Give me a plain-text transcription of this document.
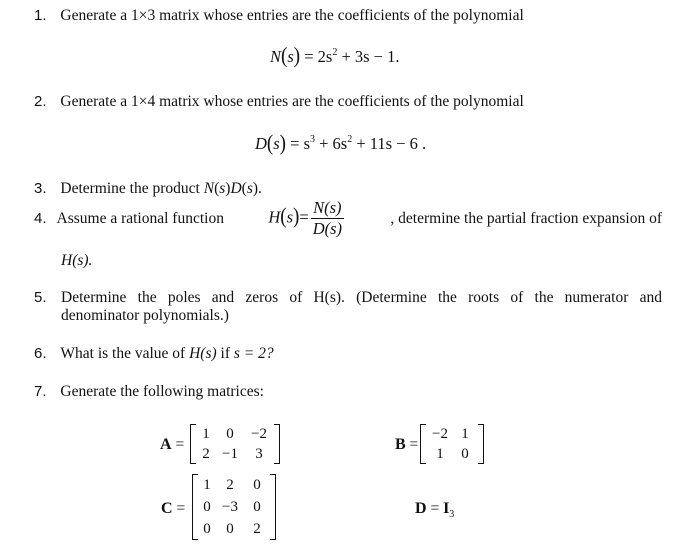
1. Generate a 1×3 matrix whose entries are the coefficients of the polynomial
$N(s) = 2s^2 + 3s - 1$.
2. Generate a 1×4 matrix whose entries are the coefficients of the polynomial
$D(s) = s^3 + 6s^2 + 11s - 6$ .
3. Determine the product N(s)D(s).
4. Assume a rational function	$H(s)= \frac{N(s)}{D(s)}$	, determine the partial fraction expansion of
H(s).
5. Determine the poles and zeros of H(s). (Determine the roots of the numerator and
denominator polynomials.)
6. What is the value of H(s) if s = 2?
7. Generate the following matrices:
A =
1	0	−2
2	−1	3
B =
−2	1
1	0
C =
1	2	0
0	−3	0
0	0	2
$D = I_3$
